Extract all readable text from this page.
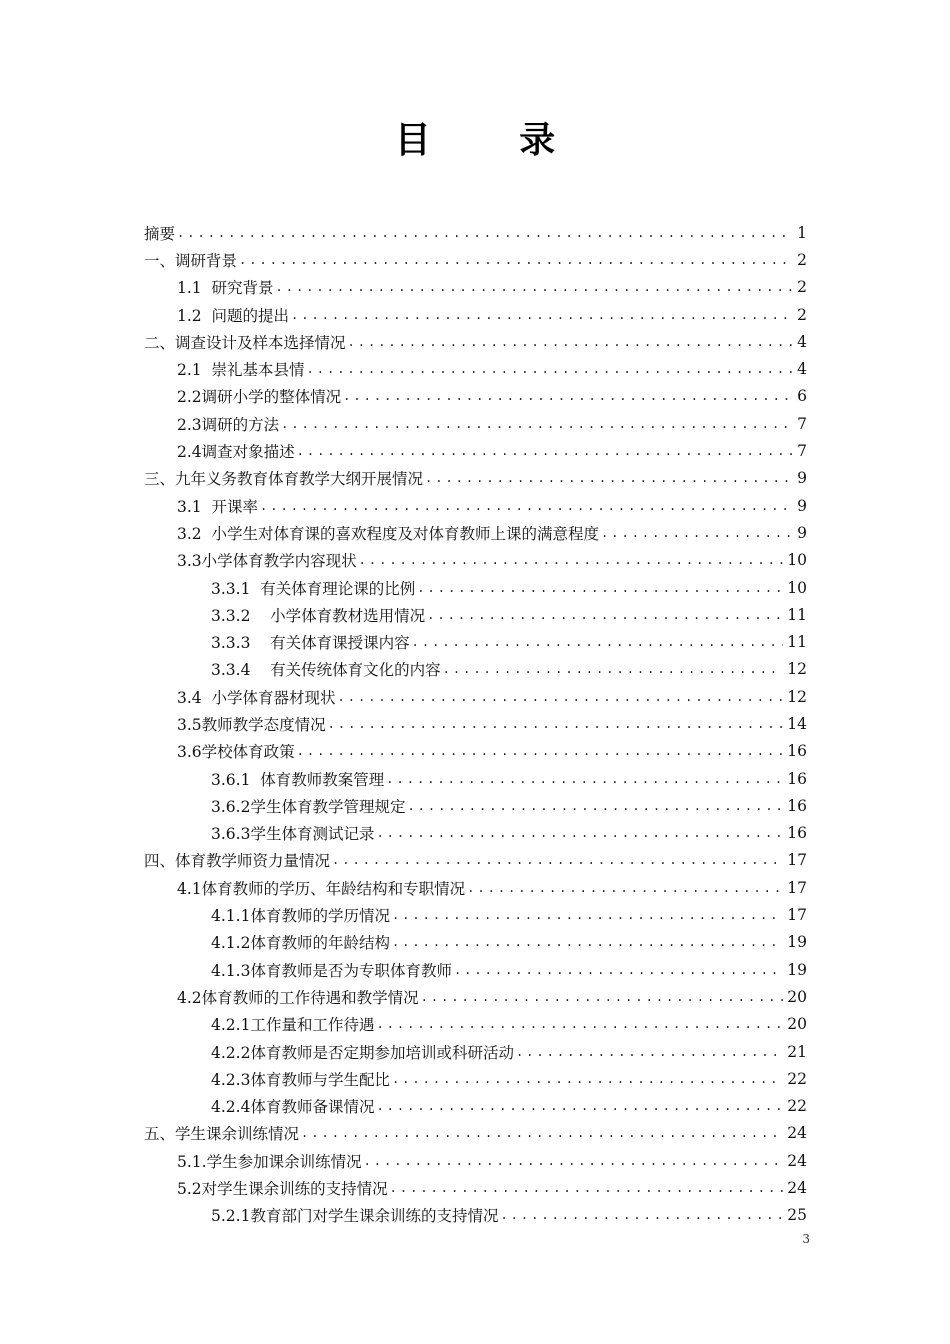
目 录
摘要 .....	1
一、调研背景 .....	2
1.1  研究背景 .....	2
1.2  问题的提出 .....	2
二、调查设计及样本选择情况 .....	4
2.1  崇礼基本县情 .....	4
2.2调研小学的整体情况 .....	6
2.3调研的方法 .....	7
2.4调查对象描述 .....	7
三、九年义务教育体育教学大纲开展情况 .....	9
3.1  开课率 .....	9
3.2  小学生对体育课的喜欢程度及对体育教师上课的满意程度 .....	9
3.3小学体育教学内容现状 .....	10
3.3.1  有关体育理论课的比例 .....	10
3.3.2    小学体育教材选用情况 .....	11
3.3.3    有关体育课授课内容 .....	11
3.3.4    有关传统体育文化的内容 .....	12
3.4  小学体育器材现状 .....	12
3.5教师教学态度情况 .....	14
3.6学校体育政策 .....	16
3.6.1  体育教师教案管理 .....	16
3.6.2学生体育教学管理规定 .....	16
3.6.3学生体育测试记录 .....	16
四、体育教学师资力量情况 .....	17
4.1体育教师的学历、年龄结构和专职情况 .....	17
4.1.1体育教师的学历情况 .....	17
4.1.2体育教师的年龄结构 .....	19
4.1.3体育教师是否为专职体育教师 .....	19
4.2体育教师的工作待遇和教学情况 .....	20
4.2.1工作量和工作待遇 .....	20
4.2.2体育教师是否定期参加培训或科研活动 .....	21
4.2.3体育教师与学生配比 .....	22
4.2.4体育教师备课情况 .....	22
五、学生课余训练情况 .....	24
5.1.学生参加课余训练情况 .....	24
5.2对学生课余训练的支持情况 .....	24
5.2.1教育部门对学生课余训练的支持情况 .....	25
3
